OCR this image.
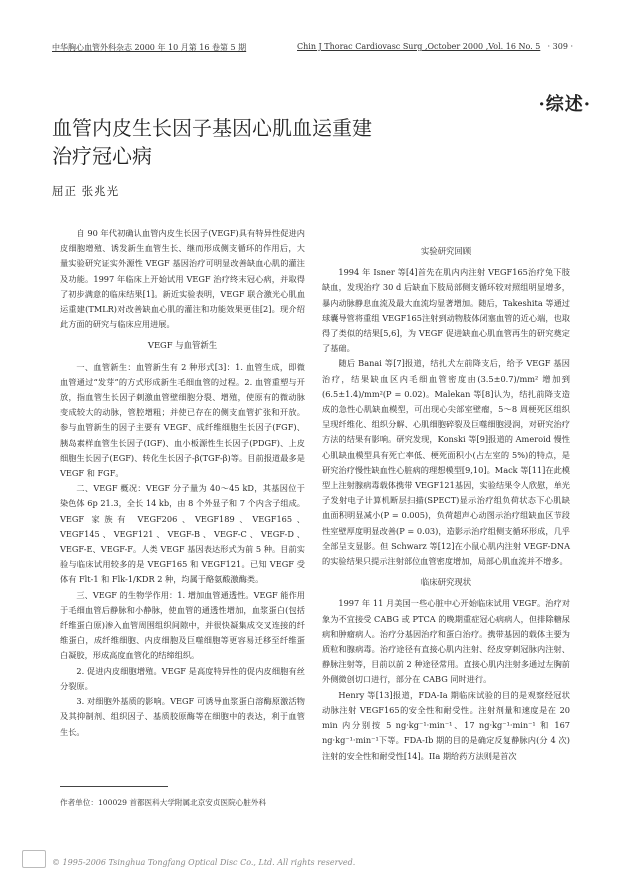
中华胸心血管外科杂志 2000 年 10 月第 16 卷第 5 期	Chin J Thorac Cardiovasc Surg ,October 2000 ,Vol. 16 No. 5 · 309 ·
·综述·
血管内皮生长因子基因心肌血运重建
治疗冠心病
屈正 张兆光

自 90 年代初确认血管内皮生长因子(VEGF)具有特异性促进内皮细胞增殖、诱发新生血管生长、继而形成侧支循环的作用后，大量实验研究证实外源性 VEGF 基因治疗可明显改善缺血心肌的灌注及功能。1997 年临床上开始试用 VEGF 治疗终末冠心病，并取得了初步满意的临床结果[1]。新近实验表明，VEGF 联合激光心肌血运重建(TMLR)对改善缺血心肌的灌注和功能效果更佳[2]。现介绍此方面的研究与临床应用进展。

VEGF 与血管新生

一、血管新生：血管新生有 2 种形式[3]：1. 血管生成，即微血管通过“发芽”的方式形成新生毛细血管的过程。2. 血管重塑与开放，指血管生长因子刺激血管壁细胞分裂、增殖，使原有的微动脉变成较大的动脉，管腔增粗；并使已存在的侧支血管扩张和开放。参与血管新生的因子主要有 VEGF、成纤维细胞生长因子(FGF)、胰岛素样血管生长因子(IGF)、血小板源性生长因子(PDGF)、上皮细胞生长因子(EGF)、转化生长因子-β(TGF-β)等。目前报道最多是 VEGF 和 FGF。

二、VEGF 概况：VEGF 分子量为 40～45 kD，其基因位于染色体 6p 21.3，全长 14 kb，由 8 个外显子和 7 个内含子组成。VEGF 家族有 VEGF206、VEGF189、VEGF165、VEGF145、VEGF121、VEGF-B、VEGF-C、VEGF-D、VEGF-E、VEGF-F。人类 VEGF 基因表达形式为前 5 种。目前实验与临床试用较多的是 VEGF165 和 VEGF121。已知 VEGF 受体有 Flt-1 和 Flk-1/KDR 2 种，均属于酪氨酸激酶类。

三、VEGF 的生物学作用：1. 增加血管通透性。VEGF 能作用于毛细血管后静脉和小静脉，使血管的通透性增加，血浆蛋白(包括纤维蛋白原)渗入血管周围组织间隙中，并很快凝集成交叉连接的纤维蛋白，成纤维细胞、内皮细胞及巨噬细胞等更容易迁移至纤维蛋白凝胶，形成高度血管化的结缔组织。

2. 促进内皮细胞增殖。VEGF 是高度特异性的促内皮细胞有丝分裂原。

3. 对细胞外基质的影响。VEGF 可诱导血浆蛋白溶酶原激活物及其抑制剂、组织因子、基质胶原酶等在细胞中的表达，利于血管生长。

实验研究回顾

1994 年 Isner 等[4]首先在肌内内注射 VEGF165治疗兔下肢缺血，发现治疗 30 d 后缺血下肢局部侧支循环较对照组明显增多，暴内动脉静息血流及最大血流均显著增加。随后，Takeshita 等通过球囊导管将重组 VEGF165注射到动物肢体闭塞血管的近心端，也取得了类似的结果[5,6]，为 VEGF 促进缺血心肌血管再生的研究奠定了基础。

随后 Banai 等[7]报道，结扎犬左前降支后，给予 VEGF 基因治疗，结果缺血区内毛细血管密度由(3.5±0.7)/mm² 增加到(6.5±1.4)/mm²(P = 0.02)。Malekan 等[8]认为，结扎前降支造成的急性心肌缺血模型，可出现心尖部室壁瘤，5～8 周梗死区组织呈现纤维化、组织分解、心肌细胞碎裂及巨噬细胞浸润，对研究治疗方法的结果有影响。研究发现，Konski 等[9]报道的 Ameroid 慢性心肌缺血模型具有死亡率低、梗死面积小(占左室的 5%)的特点，是研究治疗慢性缺血性心脏病的理想模型[9,10]。Mack 等[11]在此模型上注射腺病毒载体携带 VEGF121基因，实验结果令人欣慰，单光子发射电子计算机断层扫描(SPECT)显示治疗组负荷状态下心肌缺血面积明显减小(P = 0.005)，负荷超声心动图示治疗组缺血区节段性室壁厚度明显改善(P = 0.03)，造影示治疗组侧支循环形成，几乎全部呈支显影。但 Schwarz 等[12]在小鼠心肌内注射 VEGF-DNA 的实验结果只提示注射部位血管密度增加，局部心肌血流并不增多。

临床研究现状

1997 年 11 月美国一些心脏中心开始临床试用 VEGF。治疗对象为不宜接受 CABG 或 PTCA 的晚期重症冠心病病人，但排除糖尿病和肿瘤病人。治疗分基因治疗和蛋白治疗。携带基因的载体主要为质粒和腺病毒。治疗途径有直接心肌内注射、经皮穿刺冠脉内注射、静脉注射等，目前以前 2 种途径常用。直接心肌内注射多通过左胸前外侧微创切口进行，部分在 CABG 同时进行。

Henry 等[13]报道，FDA-Ia 期临床试验的目的是观察经冠状动脉注射 VEGF165的安全性和耐受性。注射剂量和速度是在 20 min 内分别按 5 ng·kg⁻¹·min⁻¹、17 ng·kg⁻¹·min⁻¹ 和 167 ng·kg⁻¹·min⁻¹下等。FDA-Ib 期的目的是确定反复静脉内(分 4 次)注射的安全性和耐受性[14]。IIa 期给药方法则是首次

作者单位：100029 首都医科大学附属北京安贞医院心脏外科
© 1995-2006 Tsinghua Tongfang Optical Disc Co., Ltd. All rights reserved.
